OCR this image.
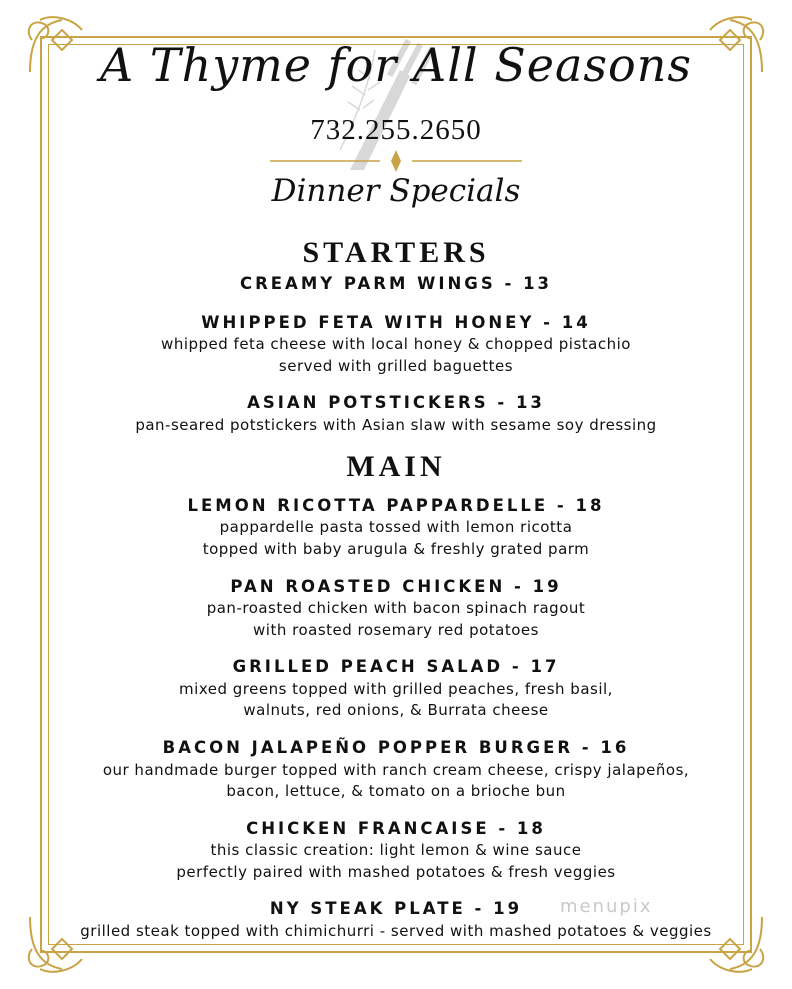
A Thyme for All Seasons
732.255.2650
Dinner Specials
STARTERS
CREAMY PARM WINGS - 13
WHIPPED FETA WITH HONEY - 14
whipped feta cheese with local honey & chopped pistachio
served with grilled baguettes
ASIAN POTSTICKERS - 13
pan-seared potstickers with Asian slaw with sesame soy dressing
MAIN
LEMON RICOTTA PAPPARDELLE - 18
pappardelle pasta tossed with lemon ricotta
topped with baby arugula & freshly grated parm
PAN ROASTED CHICKEN - 19
pan-roasted chicken with bacon spinach ragout
with roasted rosemary red potatoes
GRILLED PEACH SALAD - 17
mixed greens topped with grilled peaches, fresh basil,
walnuts, red onions, & Burrata cheese
BACON JALAPEÑO POPPER BURGER - 16
our handmade burger topped with ranch cream cheese, crispy jalapeños,
bacon, lettuce, & tomato on a brioche bun
CHICKEN FRANCAISE - 18
this classic creation: light lemon & wine sauce
perfectly paired with mashed potatoes & fresh veggies
NY STEAK PLATE - 19
grilled steak topped with chimichurri - served with mashed potatoes & veggies
menupix
